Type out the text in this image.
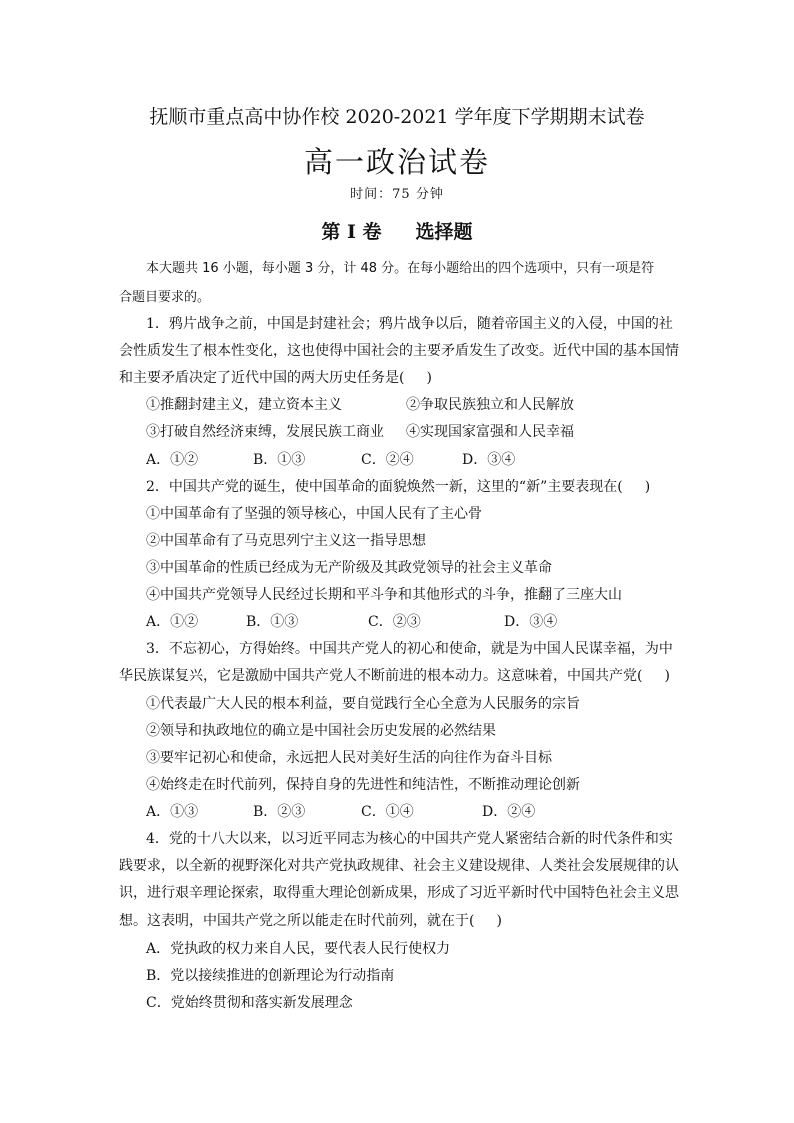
抚顺市重点高中协作校 2020-2021 学年度下学期期末试卷
高一政治试卷
时间：75 分钟
第 I 卷 选择题
本大题共 16 小题，每小题 3 分，计 48 分。在每小题给出的四个选项中，只有一项是符
合题目要求的。
1．鸦片战争之前，中国是封建社会；鸦片战争以后，随着帝国主义的入侵，中国的社
会性质发生了根本性变化，这也使得中国社会的主要矛盾发生了改变。近代中国的基本国情
和主要矛盾决定了近代中国的两大历史任务是( )
①推翻封建主义，建立资本主义	②争取民族独立和人民解放
③打破自然经济束缚，发展民族工商业 ④实现国家富强和人民幸福
A．①②	B．①③	C．②④	D．③④
2．中国共产党的诞生，使中国革命的面貌焕然一新，这里的“新”主要表现在( )
①中国革命有了坚强的领导核心，中国人民有了主心骨
②中国革命有了马克思列宁主义这一指导思想
③中国革命的性质已经成为无产阶级及其政党领导的社会主义革命
④中国共产党领导人民经过长期和平斗争和其他形式的斗争，推翻了三座大山
A．①②	B．①③	C．②③	D．③④
3．不忘初心，方得始终。中国共产党人的初心和使命，就是为中国人民谋幸福，为中
华民族谋复兴，它是激励中国共产党人不断前进的根本动力。这意味着，中国共产党( )
①代表最广大人民的根本利益，要自觉践行全心全意为人民服务的宗旨
②领导和执政地位的确立是中国社会历史发展的必然结果
③要牢记初心和使命，永远把人民对美好生活的向往作为奋斗目标
④始终走在时代前列，保持自身的先进性和纯洁性，不断推动理论创新
A．①③	B．②③	C．①④	D．②④
4．党的十八大以来，以习近平同志为核心的中国共产党人紧密结合新的时代条件和实
践要求，以全新的视野深化对共产党执政规律、社会主义建设规律、人类社会发展规律的认
识，进行艰辛理论探索，取得重大理论创新成果，形成了习近平新时代中国特色社会主义思
想。这表明，中国共产党之所以能走在时代前列，就在于( )
A．党执政的权力来自人民，要代表人民行使权力
B．党以接续推进的创新理论为行动指南
C．党始终贯彻和落实新发展理念
